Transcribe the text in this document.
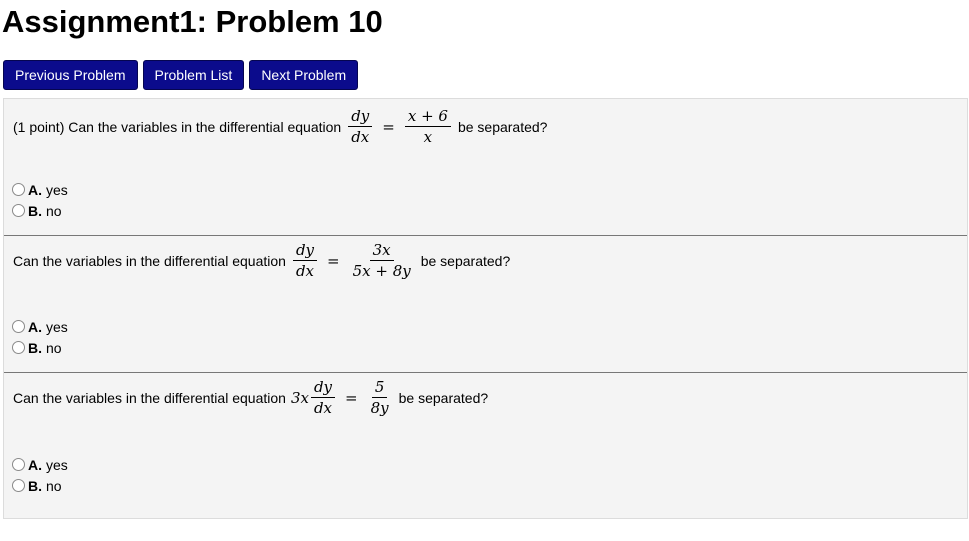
Assignment1: Problem 10
Previous Problem	Problem List	Next Problem
(1 point) Can the variables in the differential equation $\frac{dy}{dx} = \frac{x + 6}{x}$ be separated?
A. yes
B. no
Can the variables in the differential equation $\frac{dy}{dx} = \frac{3x}{5x + 8y}$ be separated?
A. yes
B. no
Can the variables in the differential equation $3x \frac{dy}{dx} = \frac{5}{8y}$ be separated?
A. yes
B. no
